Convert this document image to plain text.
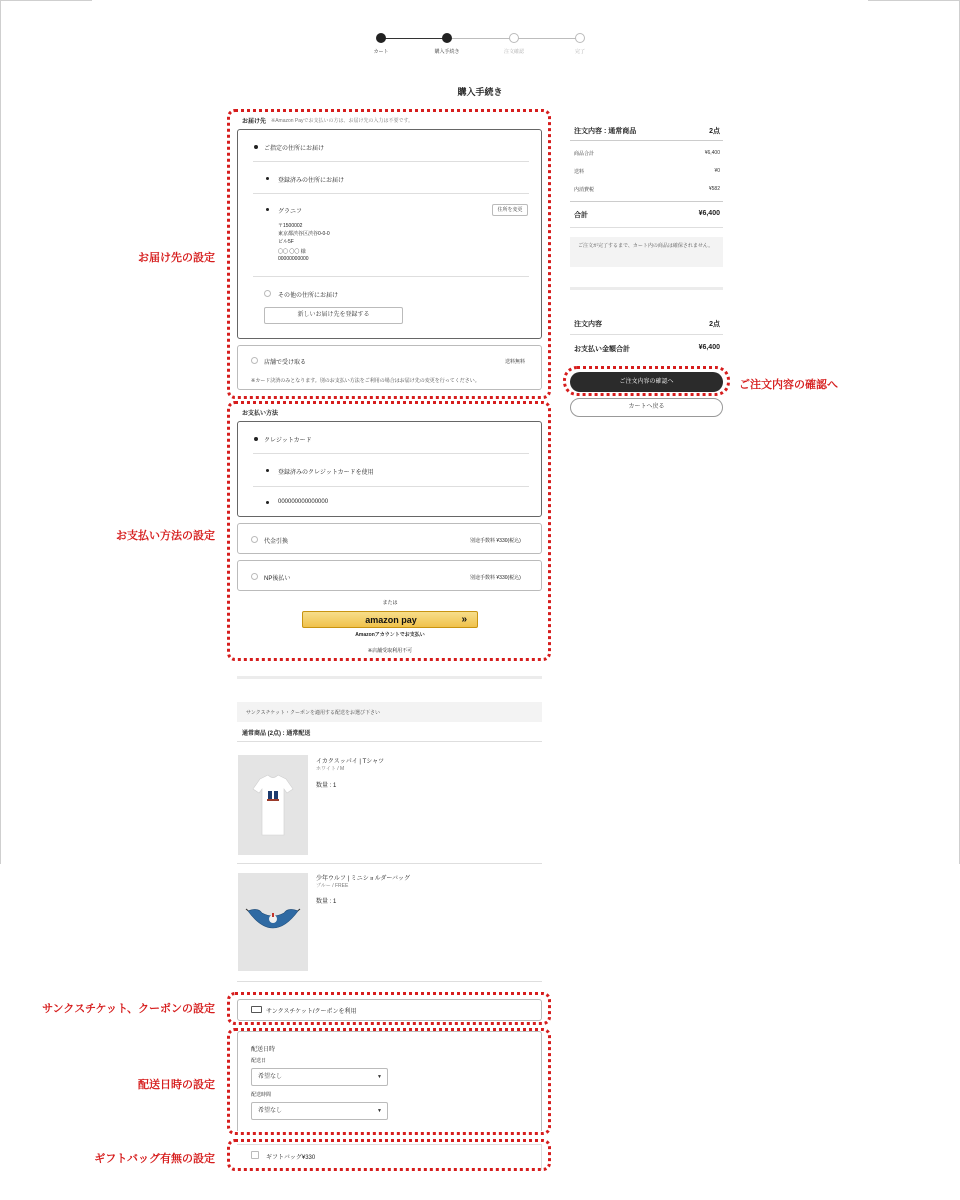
カート	購入手続き	注文確認	完了
購入手続き
お届け先 ※Amazon Payでお支払いの方は、お届け先の入力は不要です。
ご指定の住所にお届け
登録済みの住所にお届け
グラニフ	住所を変更
〒1500002
東京都渋谷区渋谷0-0-0
ビル5F
〇〇 〇〇 様
00000000000
その他の住所にお届け
新しいお届け先を登録する
店舗で受け取る	送料無料
※カード決済のみとなります。別のお支払い方法をご利用の場合はお届け先の変更を行ってください。
お支払い方法
クレジットカード
登録済みのクレジットカードを使用
000000000000000
代金引換	別途手数料 ¥330(税込)
NP後払い	別途手数料 ¥330(税込)
または
amazon pay	»
Amazonアカウントでお支払い
※店舗受取利用不可
サンクスチケット・クーポンを適用する配送をお選び下さい
通常商品 (2点) : 通常配送
イカクスッパイ | Tシャツ
ホワイト / M
数量 : 1
少年ウルフ | ミニショルダーバッグ
ブルー / FREE
数量 : 1
サンクスチケット/クーポンを利用
配送日時
配送日
希望なし	▼
配送時間
希望なし	▼
ギフトバッグ¥330
注文内容 : 通常商品	2点
商品合計	¥6,400
送料	¥0
内消費税	¥582
合計	¥6,400
ご注文が完了するまで、カート内の商品は確保されません。
注文内容	2点
お支払い金額合計	¥6,400
ご注文内容の確認へ
カートへ戻る
お届け先の設定
お支払い方法の設定
ご注文内容の確認へ
サンクスチケット、クーポンの設定
配送日時の設定
ギフトバッグ有無の設定
